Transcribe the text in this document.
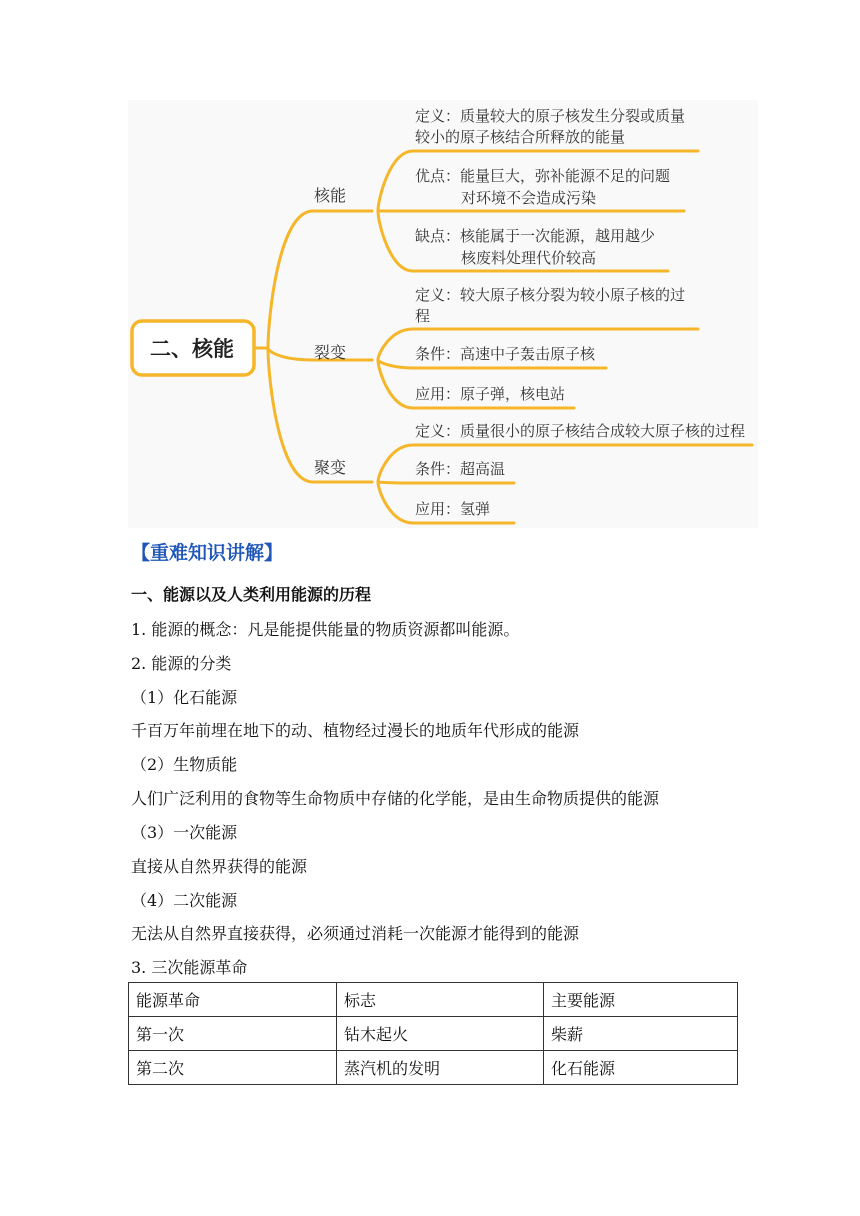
二、核能
核能
定义：质量较大的原子核发生分裂或质量
较小的原子核结合所释放的能量
优点：能量巨大，弥补能源不足的问题
对环境不会造成污染
缺点：核能属于一次能源，越用越少
核废料处理代价较高
裂变
定义：较大原子核分裂为较小原子核的过
程
条件：高速中子轰击原子核
应用：原子弹，核电站
聚变
定义：质量很小的原子核结合成较大原子核的过程
条件：超高温
应用：氢弹
【重难知识讲解】
一、能源以及人类利用能源的历程
1. 能源的概念：凡是能提供能量的物质资源都叫能源。
2. 能源的分类
（1）化石能源
千百万年前埋在地下的动、植物经过漫长的地质年代形成的能源
（2）生物质能
人们广泛利用的食物等生命物质中存储的化学能，是由生命物质提供的能源
（3）一次能源
直接从自然界获得的能源
（4）二次能源
无法从自然界直接获得，必须通过消耗一次能源才能得到的能源
3. 三次能源革命
能源革命	标志	主要能源
第一次	钻木起火	柴薪
第二次	蒸汽机的发明	化石能源
